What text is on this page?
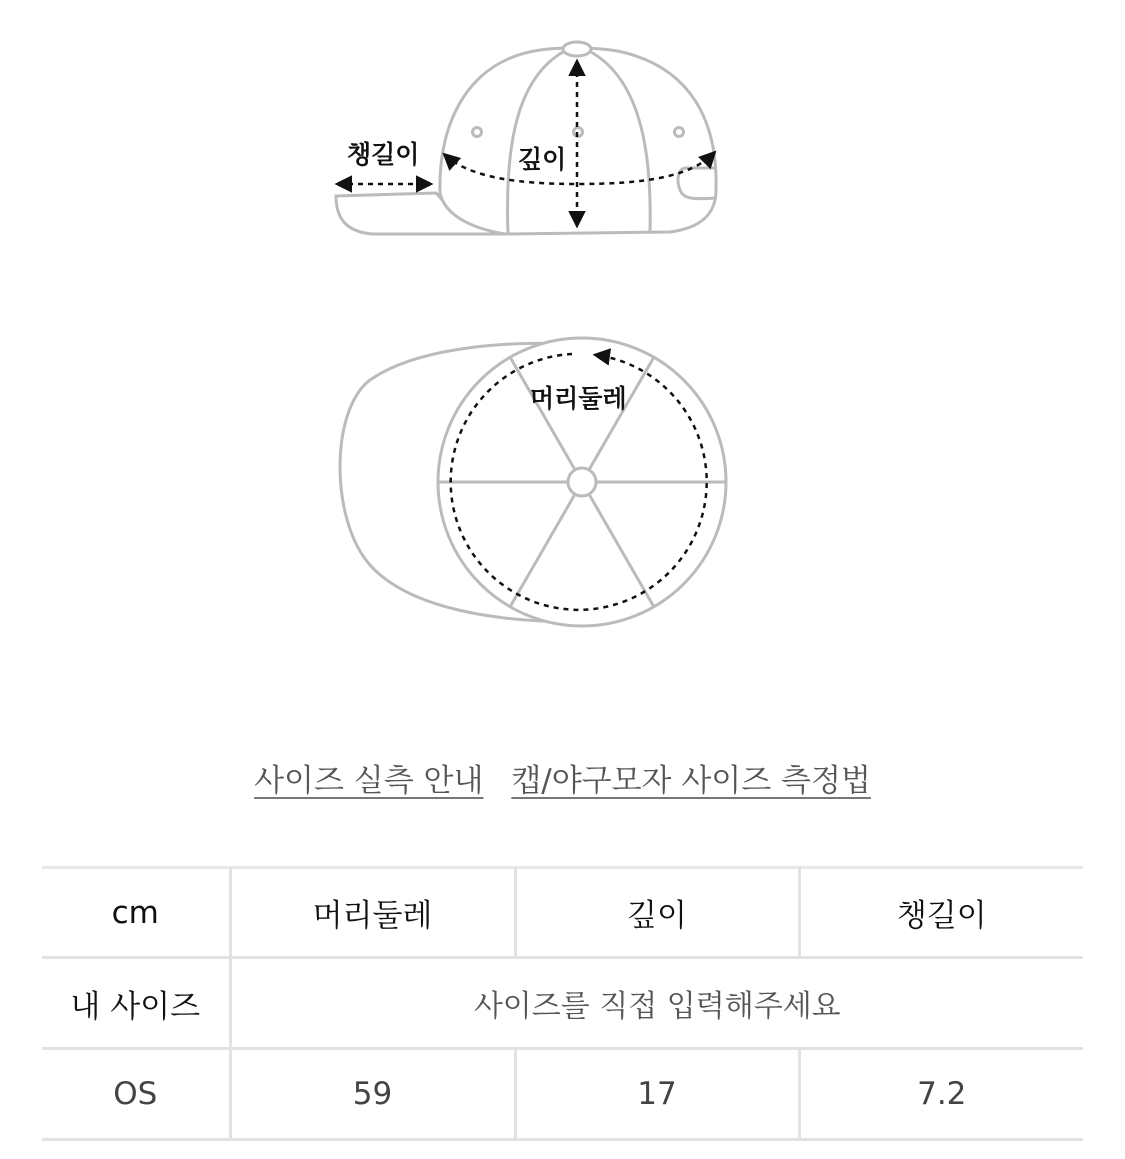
챙길이	깊이
머리둘레
사이즈 실측 안내 캡/야구모자 사이즈 측정법
cm	머리둘레	깊이	챙길이
내 사이즈	사이즈를 직접 입력해주세요		
OS	59	17	7.2
